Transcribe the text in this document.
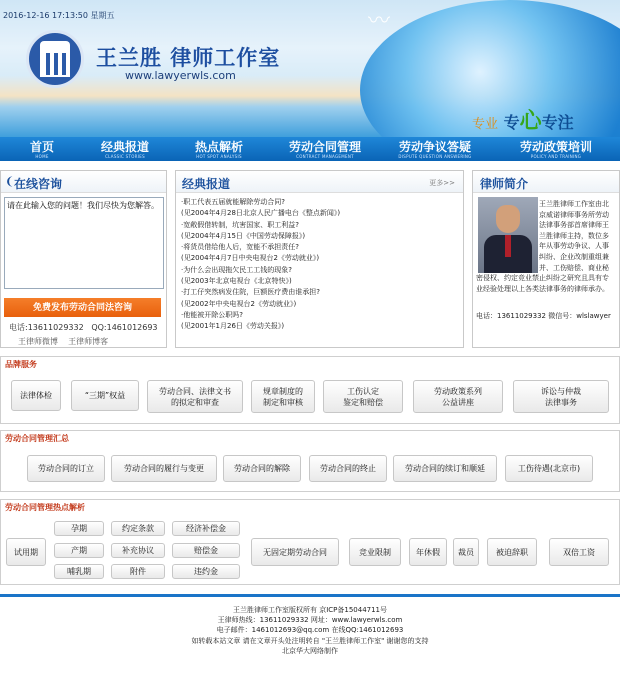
〰
2016-12-16 17:13:50 星期五
王兰胜 律师工作室
www.lawyerwls.com
专业 专心专注
首页
HOME
经典报道
CLASSIC STORIES
热点解析
HOT SPOT ANALYSIS
劳动合同管理
CONTRACT MANAGEMENT
劳动争议答疑
DISPUTE QUESTION ANSWERING
劳动政策培训
POLICY AND TRAINING
❨ 在线咨询
请在此输入您的问题！我们尽快为您解答。
免费发布劳动合同法咨询
电话:13611029332 QQ:1461012693
王律师微博 王律师博客
经典报道	更多>>
·职工代表五届就能解除劳动合同?
(见2004年4月28日北京人民广播电台《整点新闻》)
·宽敞假借转制，坑害国家、职工利益?
(见2004年4月15日《中国劳动保障报》)
·将货员借给他人后，宽能不承担责任?
(见2004年4月7日中央电视台2《劳动就业》)
·为什么会出现拖欠民工工钱的现象?
(见2003年北京电视台《北京特快》)
·打工仔突然病发住院，巨额医疗费由谁承担?
(见2002年中央电视台2《劳动就业》)
·他能被开除公职吗?
(见2001年1月26日《劳动关报》)
律师简介
王兰胜律师工作室由北京威诺律师事务所劳动法律事务部首席律师王兰胜律师主持，数位多年从事劳动争议、人事纠纷、企业改制重组兼并、工伤赔偿、商业秘密侵权、约定竞业禁止纠纷之研究且具有专业经验处理以上各类法律事务的律师承办。
电话：13611029332 微信号：wlslawyer
品牌服务
法律体检	“三期”权益	劳动合同、法律文书
的拟定和审查
规章制度的
制定和审核
工伤认定
鉴定和赔偿
劳动政策系列
公益讲座
诉讼与仲裁
法律事务
劳动合同管理汇总
劳动合同的订立	劳动合同的履行与变更	劳动合同的解除	劳动合同的终止	劳动合同的续订和顺延	工伤待遇(北京市)
劳动合同管理热点解析
试用期
孕期
产期
哺乳期
约定条款
补充协议
附件
经济补偿金
赔偿金
违约金
无固定期劳动合同	竞业限制	年休假	裁员	被迫辞职	双倍工资
王兰胜律师工作室版权所有 京ICP备15044711号
王律师热线：13611029332 网址：www.lawyerwls.com
电子邮件：1461012693@qq.com 在线QQ:1461012693
如转载本站文章 请在文章开头处注明转自 "王兰胜律师工作室" 谢谢您的支持
北京华大网络制作
